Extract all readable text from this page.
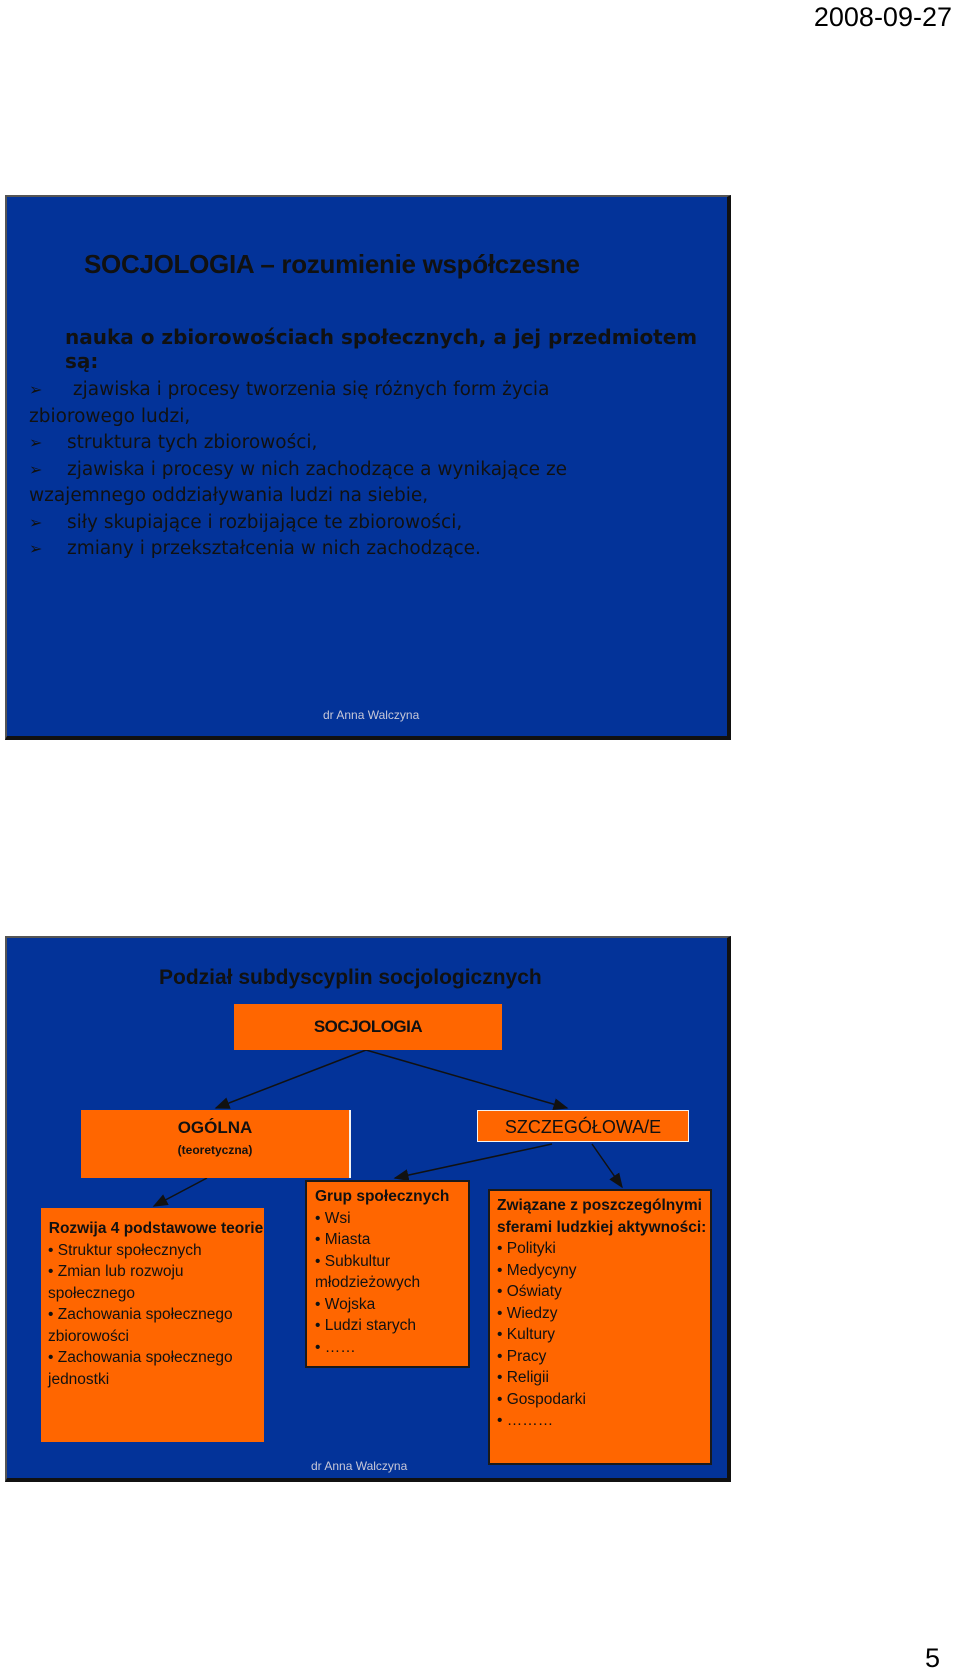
2008-09-27
SOCJOLOGIA – rozumienie współczesne
nauka o zbiorowościach społecznych, a jej przedmiotem są:
➢ zjawiska i procesy tworzenia się różnych form życia
zbiorowego ludzi,
➢ struktura tych zbiorowości,
➢ zjawiska i procesy w nich zachodzące a wynikające ze
wzajemnego oddziaływania ludzi na siebie,
➢ siły skupiające i rozbijające te zbiorowości,
➢ zmiany i przekształcenia w nich zachodzące.
dr Anna Walczyna
Podział subdyscyplin socjologicznych
SOCJOLOGIA
OGÓLNA
(teoretyczna)
SZCZEGÓŁOWA/E
Rozwija 4 podstawowe teorie
• Struktur społecznych
• Zmian lub rozwoju społecznego
• Zachowania społecznego zbiorowości
• Zachowania społecznego jednostki
Grup społecznych
• Wsi
• Miasta
• Subkultur młodzieżowych
• Wojska
• Ludzi starych
• ……
Związane z poszczególnymi sferami ludzkiej aktywności:
• Polityki
• Medycyny
• Oświaty
• Wiedzy
• Kultury
• Pracy
• Religii
• Gospodarki
• ………
dr Anna Walczyna
5
